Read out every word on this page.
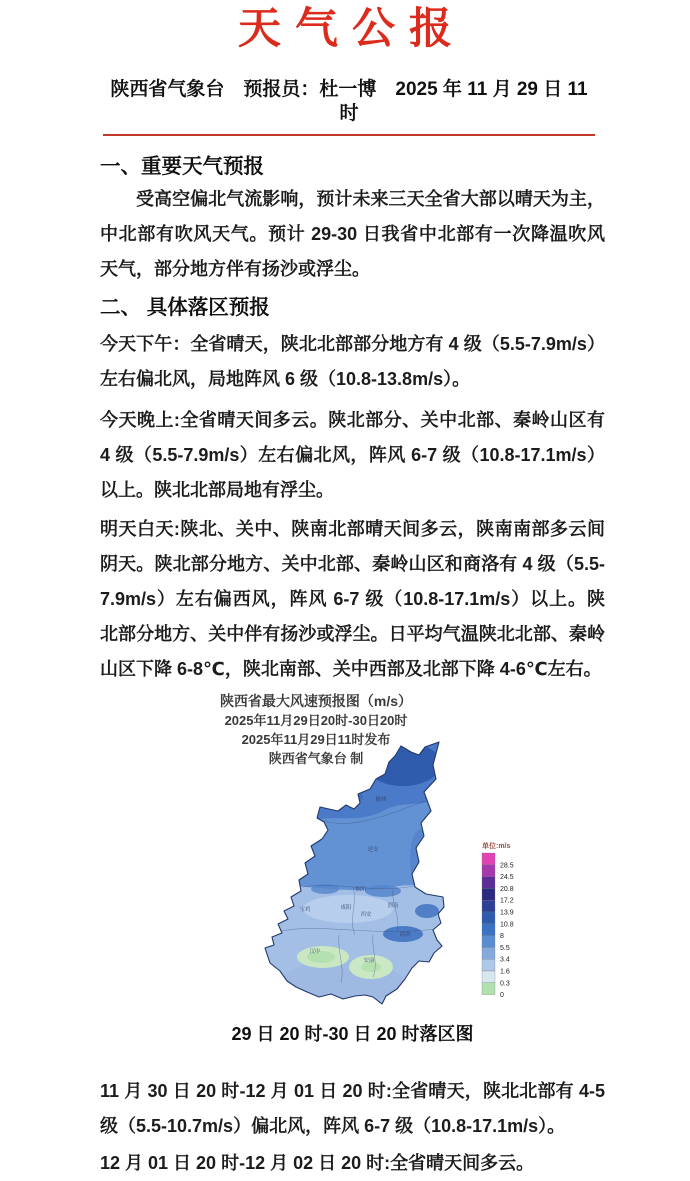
天气公报
陕西省气象台　预报员：杜一博　2025 年 11 月 29 日 11 时
一、重要天气预报

受高空偏北气流影响，预计未来三天全省大部以晴天为主，中北部有吹风天气。预计 29-30 日我省中北部有一次降温吹风天气，部分地方伴有扬沙或浮尘。

二、 具体落区预报

今天下午：全省晴天，陕北北部部分地方有 4 级（5.5-7.9m/s）左右偏北风，局地阵风 6 级（10.8-13.8m/s）。

今天晚上:全省晴天间多云。陕北部分、关中北部、秦岭山区有 4 级（5.5-7.9m/s）左右偏北风，阵风 6-7 级（10.8-17.1m/s）以上。陕北北部局地有浮尘。

明天白天:陕北、关中、陕南北部晴天间多云，陕南南部多云间阴天。陕北部分地方、关中北部、秦岭山区和商洛有 4 级（5.5-7.9m/s）左右偏西风，阵风 6-7 级（10.8-17.1m/s）以上。陕北部分地方、关中伴有扬沙或浮尘。日平均气温陕北北部、秦岭山区下降 6-8℃，陕北南部、关中西部及北部下降 4-6℃左右。

陕西省最大风速预报图（m/s）
2025年11月29日20时-30日20时
2025年11月29日11时发布
陕西省气象台 制
榆林
延安
铜川
宝鸡	咸阳
西安
渭南
商洛
安康
汉中
单位:m/s
28.5
24.5
20.8
17.2
13.9
10.8
8
5.5
3.4
1.6
0.3
0
29 日 20 时-30 日 20 时落区图

11 月 30 日 20 时-12 月 01 日 20 时:全省晴天，陕北北部有 4-5 级（5.5-10.7m/s）偏北风，阵风 6-7 级（10.8-17.1m/s）。

12 月 01 日 20 时-12 月 02 日 20 时:全省晴天间多云。
